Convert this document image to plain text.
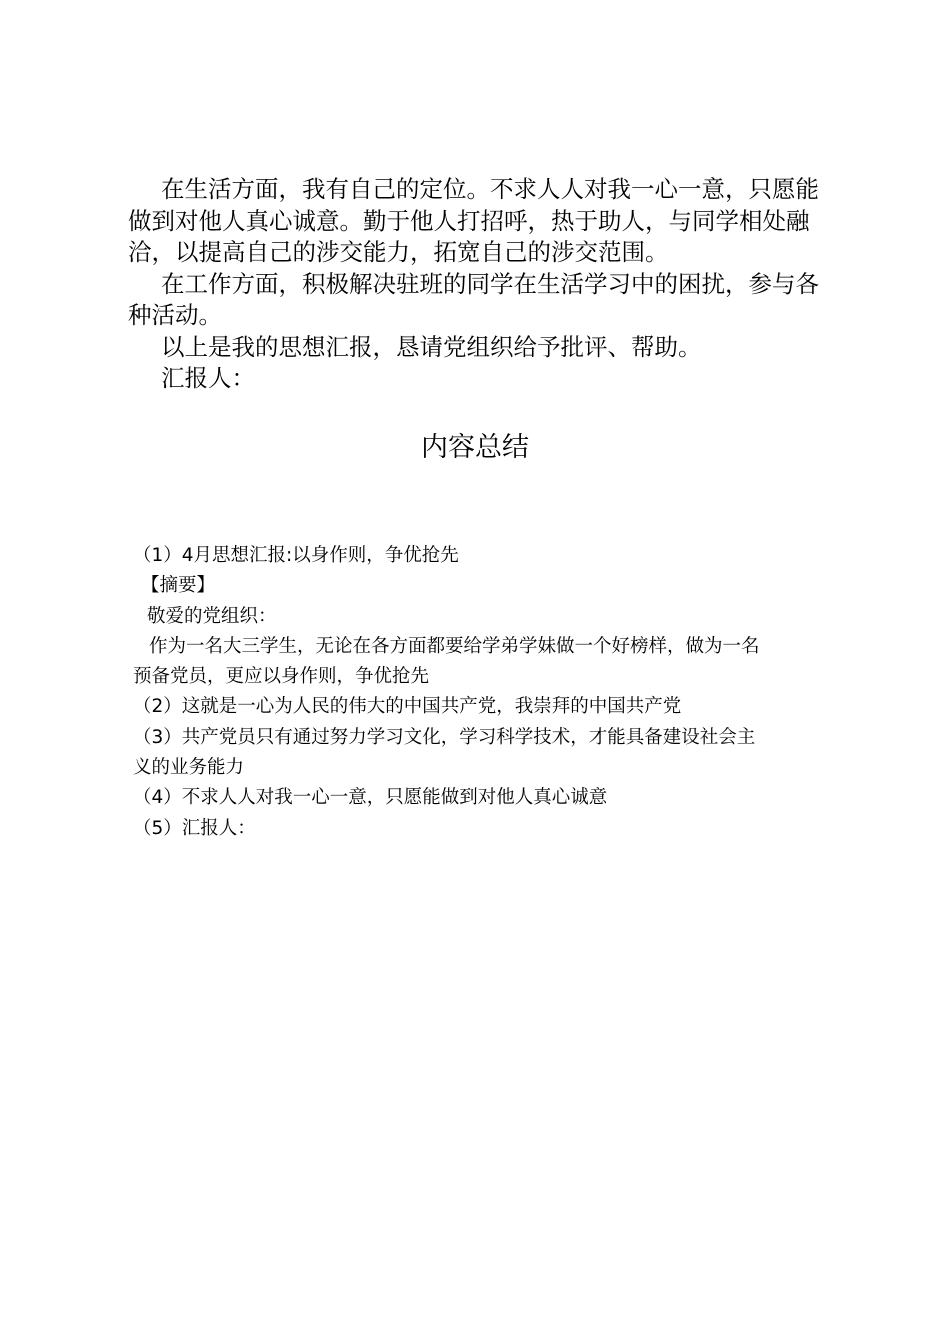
在生活方面，我有自己的定位。不求人人对我一心一意，只愿能做到对他人真心诚意。勤于他人打招呼，热于助人，与同学相处融洽，以提高自己的涉交能力，拓宽自己的涉交范围。

在工作方面，积极解决驻班的同学在生活学习中的困扰，参与各种活动。

以上是我的思想汇报，恳请党组织给予批评、帮助。

汇报人：

内容总结

（1）4月思想汇报:以身作则，争优抢先

【摘要】

敬爱的党组织：

作为一名大三学生，无论在各方面都要给学弟学妹做一个好榜样，做为一名

预备党员，更应以身作则，争优抢先

（2）这就是一心为人民的伟大的中国共产党，我崇拜的中国共产党

（3）共产党员只有通过努力学习文化，学习科学技术，才能具备建设社会主

义的业务能力

（4）不求人人对我一心一意，只愿能做到对他人真心诚意

（5）汇报人：
